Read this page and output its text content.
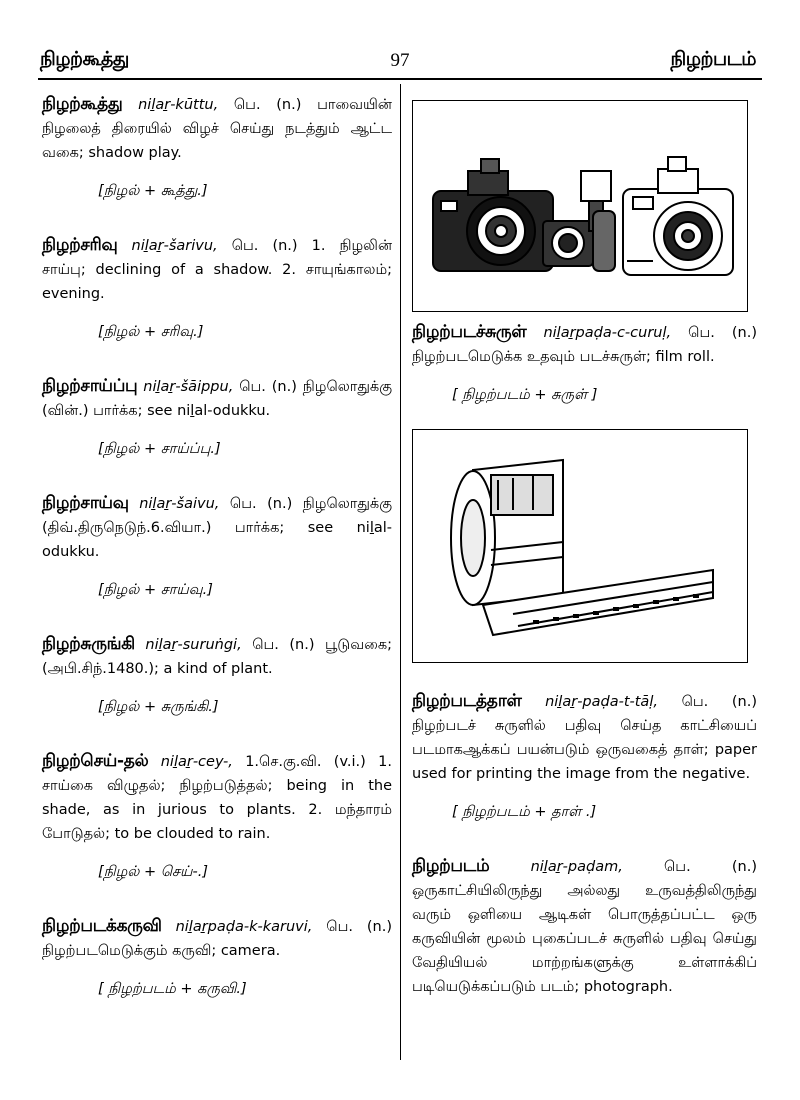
நிழற்கூத்து	97	நிழற்படம்

நிழற்கூத்து niḻaṟ-kūttu, பெ. (n.) பாவையின் நிழலைத் திரையில் விழச் செய்து நடத்தும் ஆட்ட வகை; shadow play.

[நிழல் + கூத்து.]

நிழற்சரிவு niḻaṟ-šarivu, பெ. (n.) 1. நிழலின் சாய்பு; declining of a shadow. 2. சாயுங்காலம்; evening.

[நிழல் + சரிவு.]

நிழற்சாய்ப்பு niḻaṟ-šāippu, பெ. (n.) நிழலொதுக்கு (வின்.) பார்க்க; see niḻal-odukku.

[நிழல் + சாய்ப்பு.]

நிழற்சாய்வு niḻaṟ-šaivu, பெ. (n.) நிழலொதுக்கு (திவ்.திருநெடுந்.6.வியா.) பார்க்க; see niḻal-odukku.

[நிழல் + சாய்வு.]

நிழற்சுருங்கி niḻaṟ-suruṅgi, பெ. (n.) பூடுவகை; (அபி.சிந்.1480.); a kind of plant.

[நிழல் + சுருங்கி.]

நிழற்செய்-தல் niḻaṟ-cey-, 1.செ.கு.வி. (v.i.) 1. சாய்கை விழுதல்; நிழற்படுத்தல்; being in the shade, as in jurious to plants. 2. மந்தாரம் போடுதல்; to be clouded to rain.

[நிழல் + செய்-.]

நிழற்படக்கருவி niḻaṟpaḍa-k-karuvi, பெ. (n.) நிழற்படமெடுக்கும் கருவி; camera.

[ நிழற்படம் + கருவி.]

நிழற்படச்சுருள் niḻaṟpaḍa-c-curuḷ, பெ. (n.) நிழற்படமெடுக்க உதவும் படச்சுருள்; film roll.

[ நிழற்படம் + சுருள் ]

நிழற்படத்தாள் niḻaṟ-paḍa-t-tāḷ, பெ. (n.) நிழற்படச் சுருளில் பதிவு செய்த காட்சியைப் படமாகஆக்கப் பயன்படும் ஒருவகைத் தாள்; paper used for printing the image from the negative.

[ நிழற்படம் + தாள் .]

நிழற்படம்	niḻaṟ-paḍam, பெ. (n.) ஒருகாட்சியிலிருந்து அல்லது உருவத்திலிருந்து வரும் ஒளியை ஆடிகள் பொருத்தப்பட்ட ஒரு கருவியின் மூலம் புகைப்படச் சுருளில் பதிவு செய்து வேதியியல் மாற்றங்களுக்கு உள்ளாக்கிப் படியெடுக்கப்படும் படம்; photograph.
